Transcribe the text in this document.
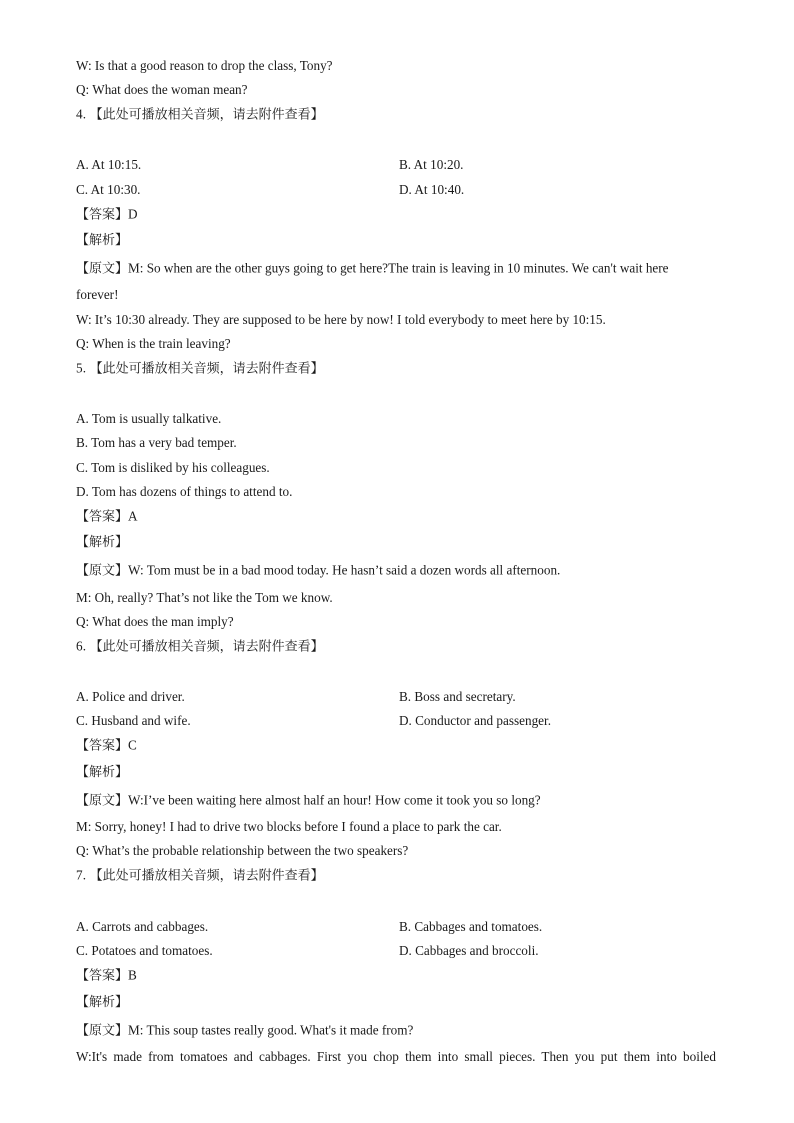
W: Is that a good reason to drop the class, Tony?
Q: What does the woman mean?
4. 【此处可播放相关音频，请去附件查看】
A. At 10:15.	B. At 10:20.
C. At 10:30.	D. At 10:40.
【答案】D
【解析】
【原文】M: So when are the other guys going to get here?The train is leaving in 10 minutes. We can't wait here
forever!
W: It’s 10:30 already. They are supposed to be here by now! I told everybody to meet here by 10:15.
Q: When is the train leaving?
5. 【此处可播放相关音频，请去附件查看】
A. Tom is usually talkative.
B. Tom has a very bad temper.
C. Tom is disliked by his colleagues.
D. Tom has dozens of things to attend to.
【答案】A
【解析】
【原文】W: Tom must be in a bad mood today. He hasn’t said a dozen words all afternoon.
M: Oh, really? That’s not like the Tom we know.
Q: What does the man imply?
6. 【此处可播放相关音频，请去附件查看】
A. Police and driver.	B. Boss and secretary.
C. Husband and wife.	D. Conductor and passenger.
【答案】C
【解析】
【原文】W:I’ve been waiting here almost half an hour! How come it took you so long?
M: Sorry, honey! I had to drive two blocks before I found a place to park the car.
Q: What’s the probable relationship between the two speakers?
7. 【此处可播放相关音频，请去附件查看】
A. Carrots and cabbages.	B. Cabbages and tomatoes.
C. Potatoes and tomatoes.	D. Cabbages and broccoli.
【答案】B
【解析】
【原文】M: This soup tastes really good. What's it made from?
W:It's made from tomatoes and cabbages. First you chop them into small pieces. Then you put them into boiled
